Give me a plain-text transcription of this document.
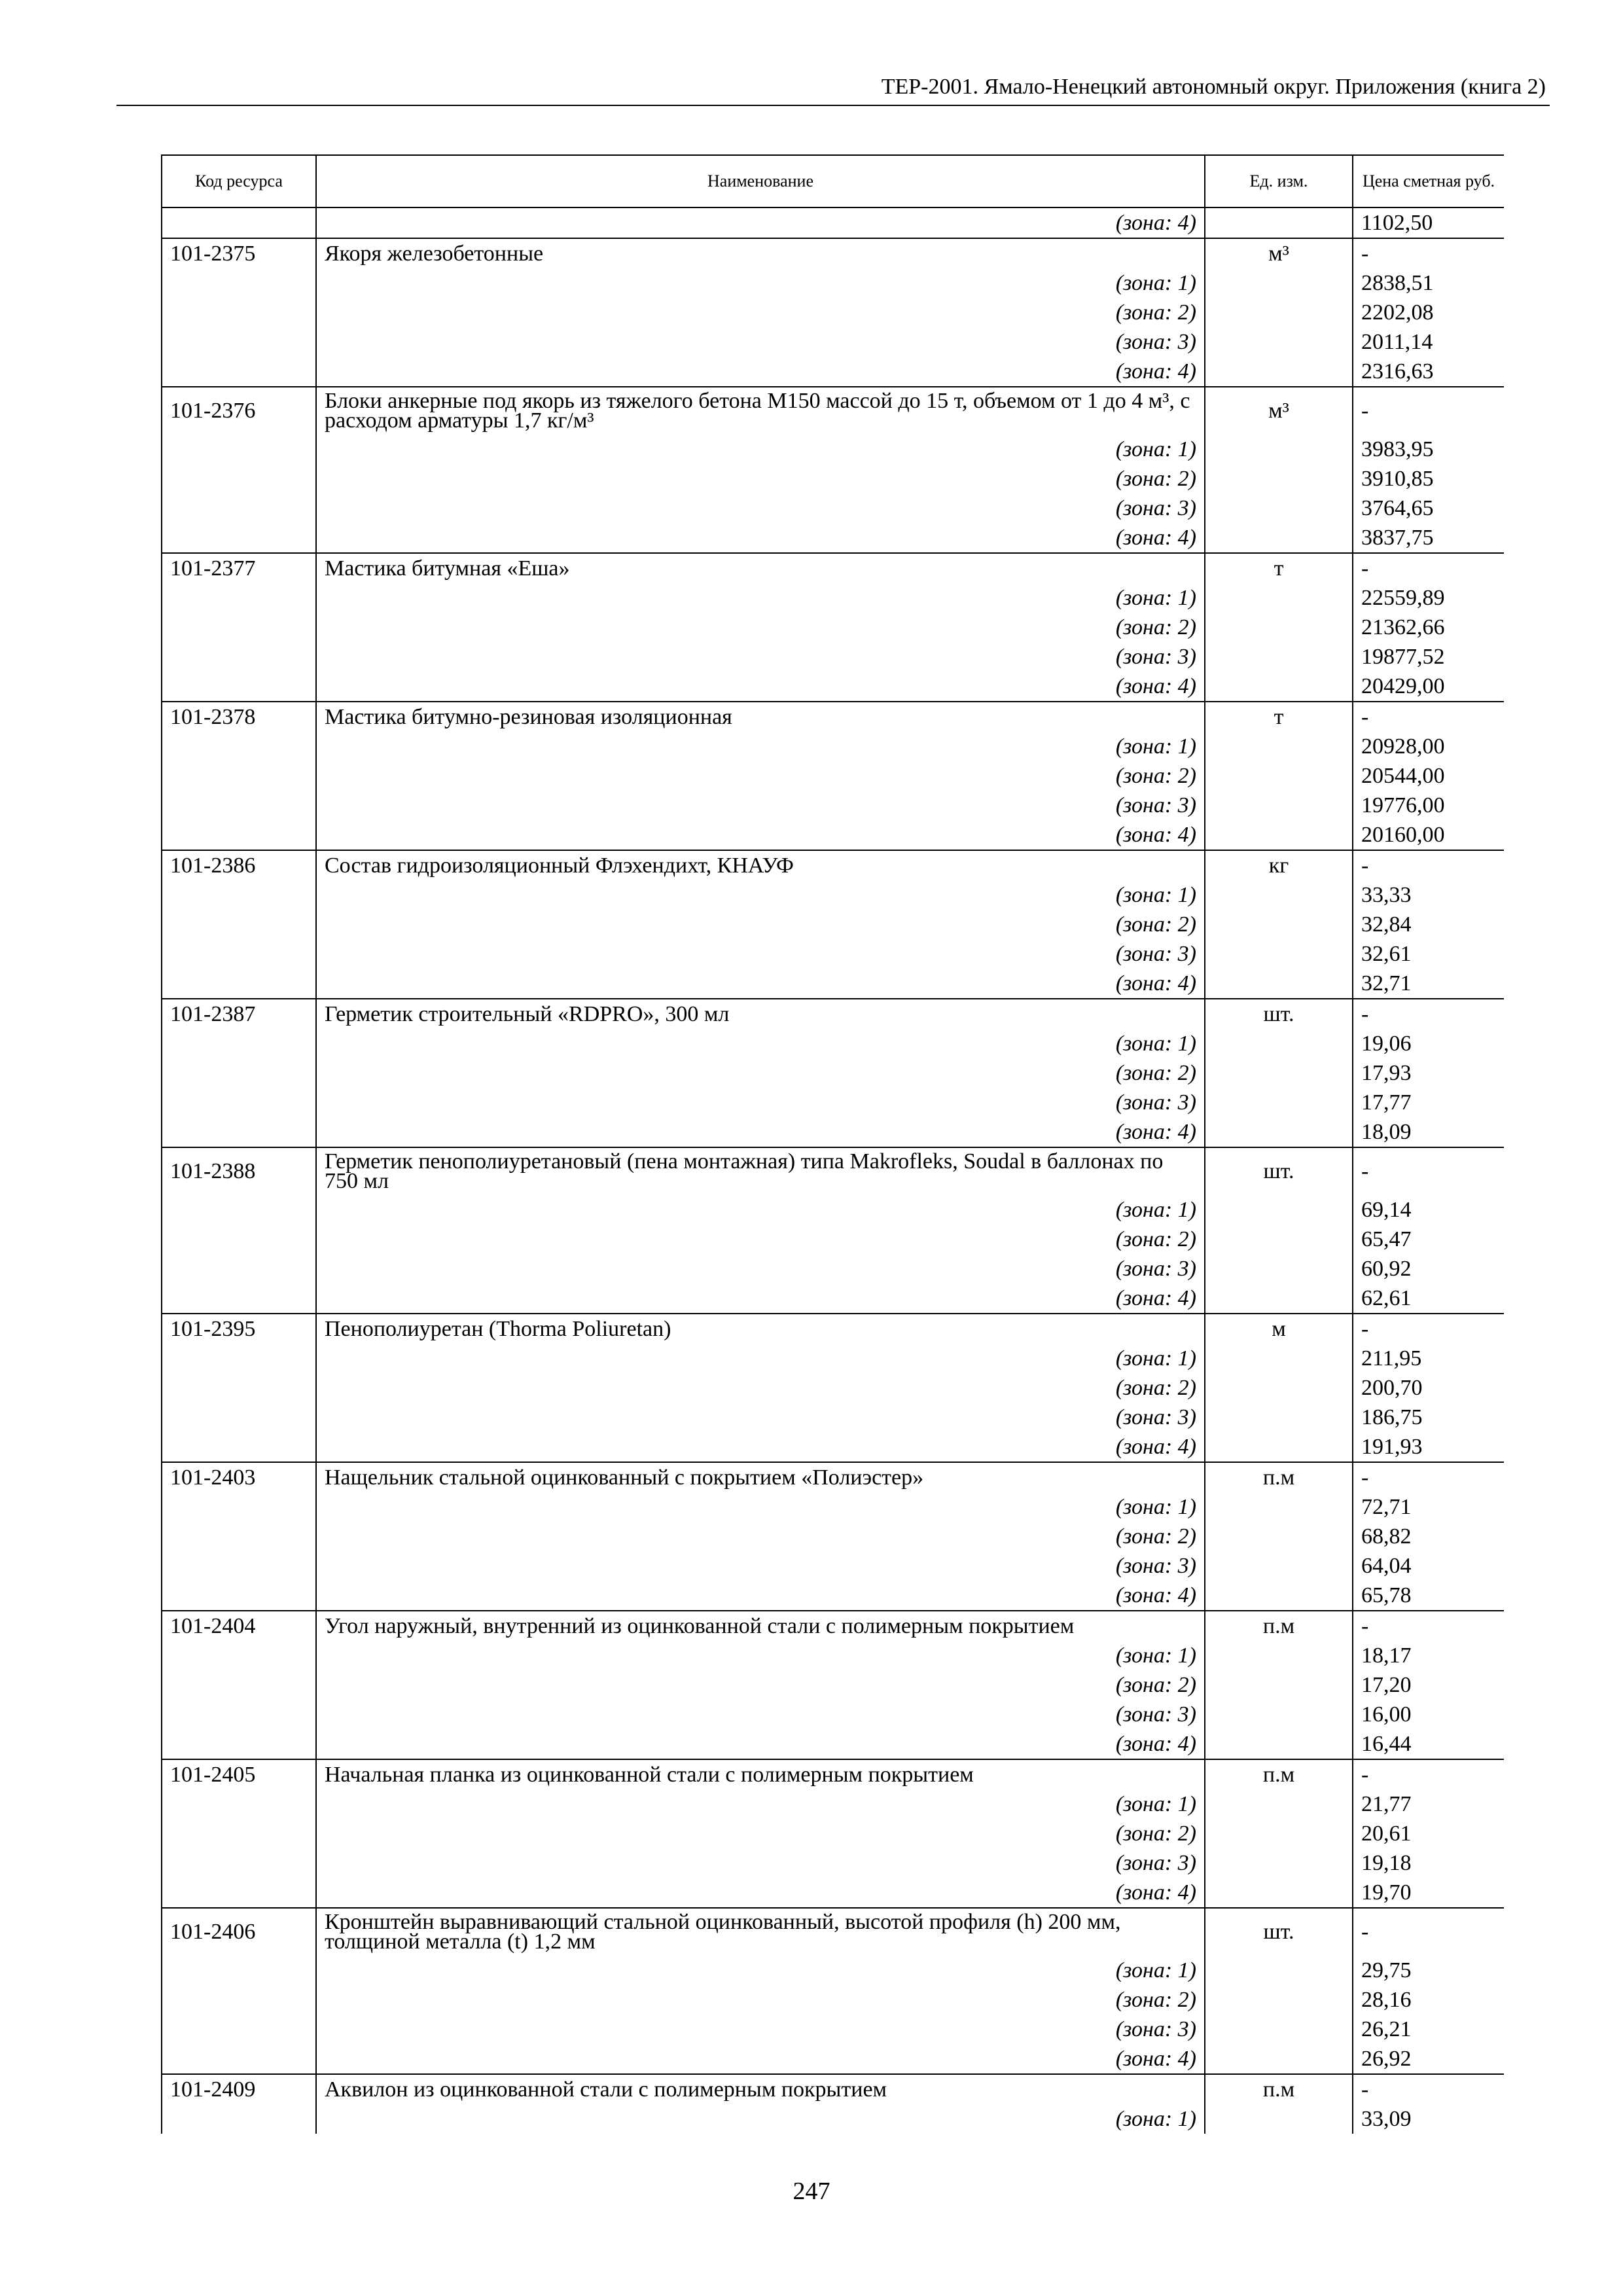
ТЕР-2001. Ямало-Ненецкий автономный округ. Приложения (книга 2)
Код ресурса	Наименование	Ед. изм.	Цена сметная руб.
	(зона: 4)		1102,50
101-2375	Якоря железобетонные	м³	-
	(зона: 1)		2838,51
	(зона: 2)		2202,08
	(зона: 3)		2011,14
	(зона: 4)		2316,63
101-2376	Блоки анкерные под якорь из тяжелого бетона М150 массой до 15 т, объемом от 1 до 4 м³, с расходом арматуры 1,7 кг/м³	м³	-
	(зона: 1)		3983,95
	(зона: 2)		3910,85
	(зона: 3)		3764,65
	(зона: 4)		3837,75
101-2377	Мастика битумная «Ешa»	т	-
	(зона: 1)		22559,89
	(зона: 2)		21362,66
	(зона: 3)		19877,52
	(зона: 4)		20429,00
101-2378	Мастика битумно-резиновая изоляционная	т	-
	(зона: 1)		20928,00
	(зона: 2)		20544,00
	(зона: 3)		19776,00
	(зона: 4)		20160,00
101-2386	Состав гидроизоляционный Флэхендихт, КНАУФ	кг	-
	(зона: 1)		33,33
	(зона: 2)		32,84
	(зона: 3)		32,61
	(зона: 4)		32,71
101-2387	Герметик строительный «RDPRO», 300 мл	шт.	-
	(зона: 1)		19,06
	(зона: 2)		17,93
	(зона: 3)		17,77
	(зона: 4)		18,09
101-2388	Герметик пенополиуретановый (пена монтажная) типа Makrofleks, Soudal в баллонах по 750 мл	шт.	-
	(зона: 1)		69,14
	(зона: 2)		65,47
	(зона: 3)		60,92
	(зона: 4)		62,61
101-2395	Пенополиуретан (Thorma Poliuretan)	м	-
	(зона: 1)		211,95
	(зона: 2)		200,70
	(зона: 3)		186,75
	(зона: 4)		191,93
101-2403	Нащельник стальной оцинкованный с покрытием «Полиэстер»	п.м	-
	(зона: 1)		72,71
	(зона: 2)		68,82
	(зона: 3)		64,04
	(зона: 4)		65,78
101-2404	Угол наружный, внутренний из оцинкованной стали с полимерным покрытием	п.м	-
	(зона: 1)		18,17
	(зона: 2)		17,20
	(зона: 3)		16,00
	(зона: 4)		16,44
101-2405	Начальная планка из оцинкованной стали с полимерным покрытием	п.м	-
	(зона: 1)		21,77
	(зона: 2)		20,61
	(зона: 3)		19,18
	(зона: 4)		19,70
101-2406	Кронштейн выравнивающий стальной оцинкованный, высотой профиля (h) 200 мм, толщиной металла (t) 1,2 мм	шт.	-
	(зона: 1)		29,75
	(зона: 2)		28,16
	(зона: 3)		26,21
	(зона: 4)		26,92
101-2409	Аквилон из оцинкованной стали с полимерным покрытием	п.м	-
	(зона: 1)		33,09
247
